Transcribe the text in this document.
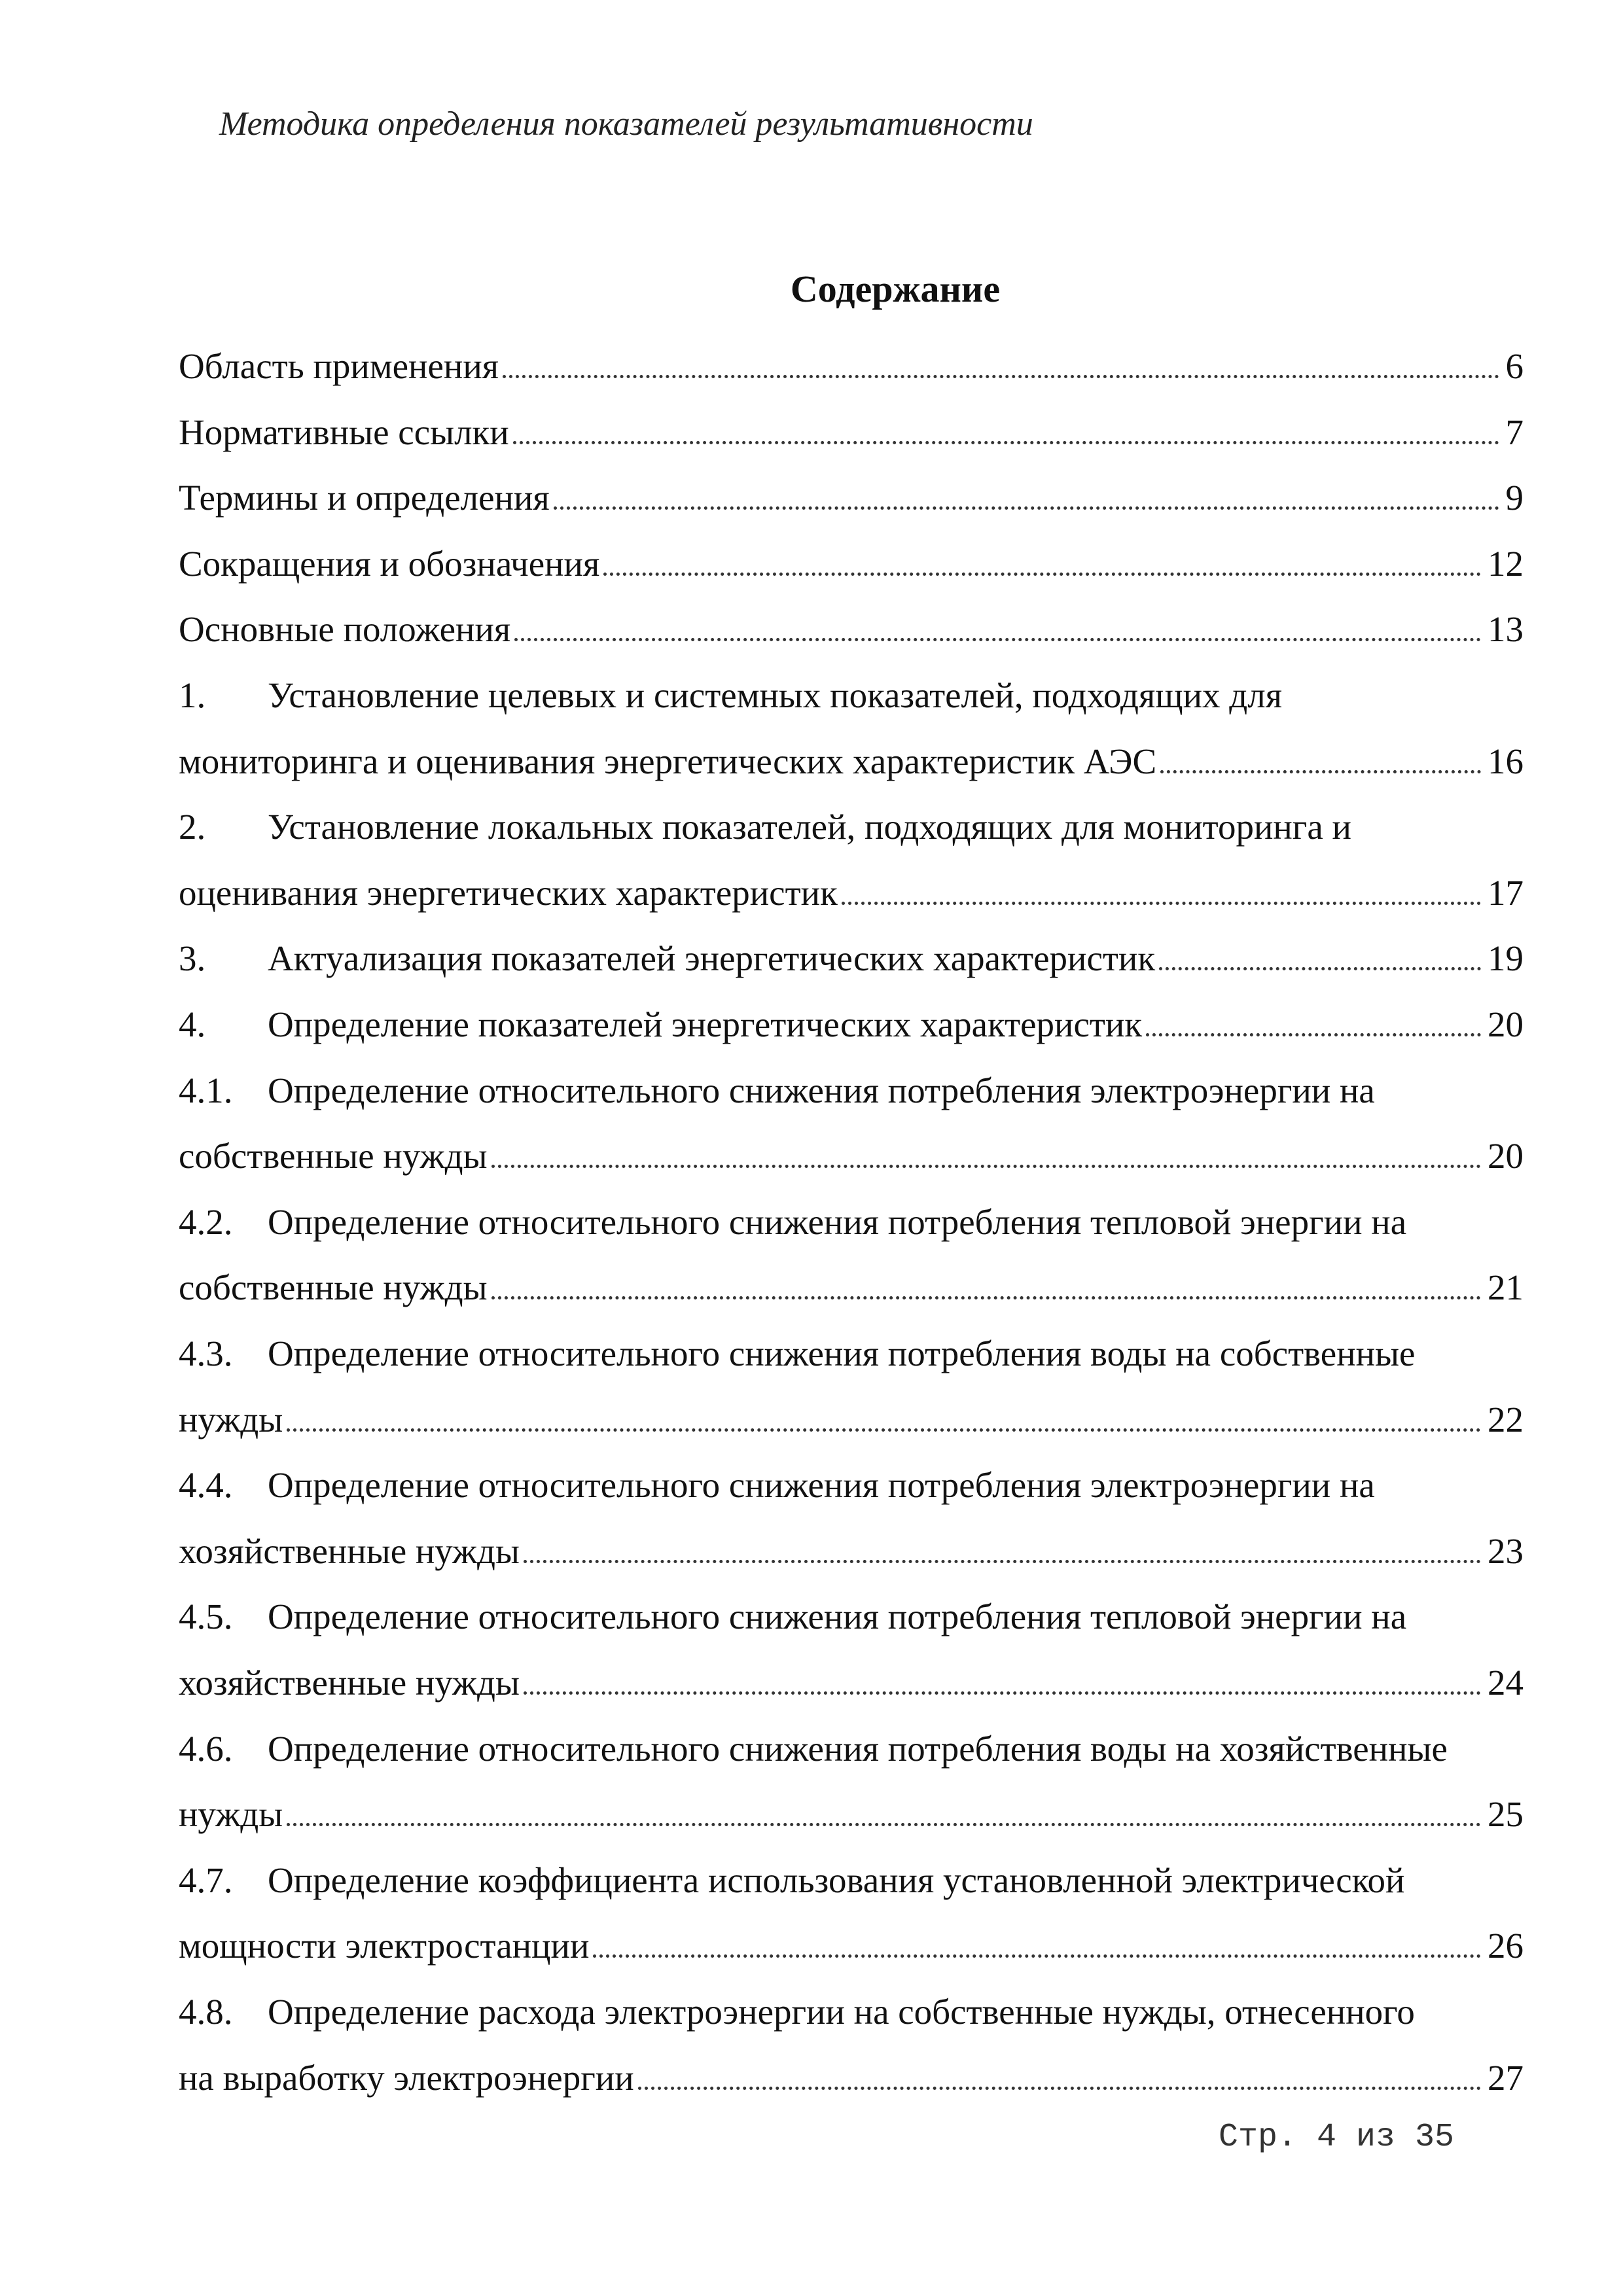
Методика определения показателей результативности
Содержание
Область применения	6
Нормативные ссылки	7
Термины и определения	9
Сокращения и обозначения	12
Основные положения	13
1.	Установление целевых и системных показателей, подходящих для
мониторинга и оценивания энергетических характеристик АЭС	16
2.	Установление локальных показателей, подходящих для мониторинга и
оценивания энергетических характеристик	17
3.	Актуализация показателей энергетических характеристик	19
4.	Определение показателей энергетических характеристик	20
4.1. Определение относительного снижения потребления электроэнергии на
собственные нужды	20
4.2. Определение относительного снижения потребления тепловой энергии на
собственные нужды	21
4.3. Определение относительного снижения потребления воды на собственные
нужды	22
4.4. Определение относительного снижения потребления электроэнергии на
хозяйственные нужды	23
4.5. Определение относительного снижения потребления тепловой энергии на
хозяйственные нужды	24
4.6. Определение относительного снижения потребления воды на хозяйственные
нужды	25
4.7. Определение коэффициента использования установленной электрической
мощности электростанции	26
4.8. Определение расхода электроэнергии на собственные нужды, отнесенного
на выработку электроэнергии	27
Стр. 4 из 35
